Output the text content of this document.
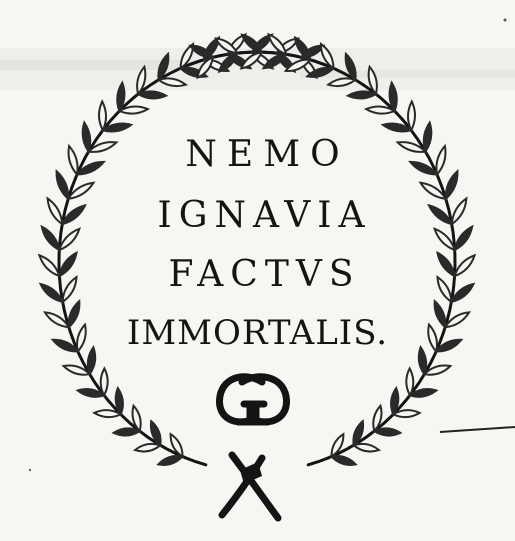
NEMO
IGNAVIA
FACTVS
IMMORTALIS.
